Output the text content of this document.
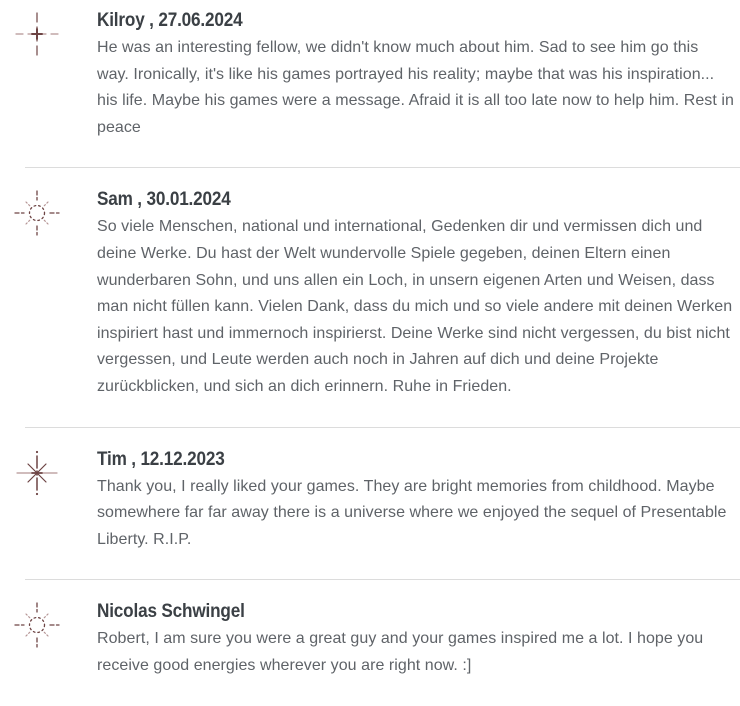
Kilroy , 27.06.2024
He was an interesting fellow, we didn't know much about him. Sad to see him go this way. Ironically, it's like his games portrayed his reality; maybe that was his inspiration... his life. Maybe his games were a message. Afraid it is all too late now to help him. Rest in peace
Sam , 30.01.2024
So viele Menschen, national und international, Gedenken dir und vermissen dich und deine Werke. Du hast der Welt wundervolle Spiele gegeben, deinen Eltern einen wunderbaren Sohn, und uns allen ein Loch, in unsern eigenen Arten und Weisen, dass man nicht füllen kann. Vielen Dank, dass du mich und so viele andere mit deinen Werken inspiriert hast und immernoch inspirierst. Deine Werke sind nicht vergessen, du bist nicht vergessen, und Leute werden auch noch in Jahren auf dich und deine Projekte zurückblicken, und sich an dich erinnern. Ruhe in Frieden.
Tim , 12.12.2023
Thank you, I really liked your games. They are bright memories from childhood. Maybe somewhere far far away there is a universe where we enjoyed the sequel of Presentable Liberty. R.I.P.
Nicolas Schwingel
Robert, I am sure you were a great guy and your games inspired me a lot. I hope you receive good energies wherever you are right now. :]
